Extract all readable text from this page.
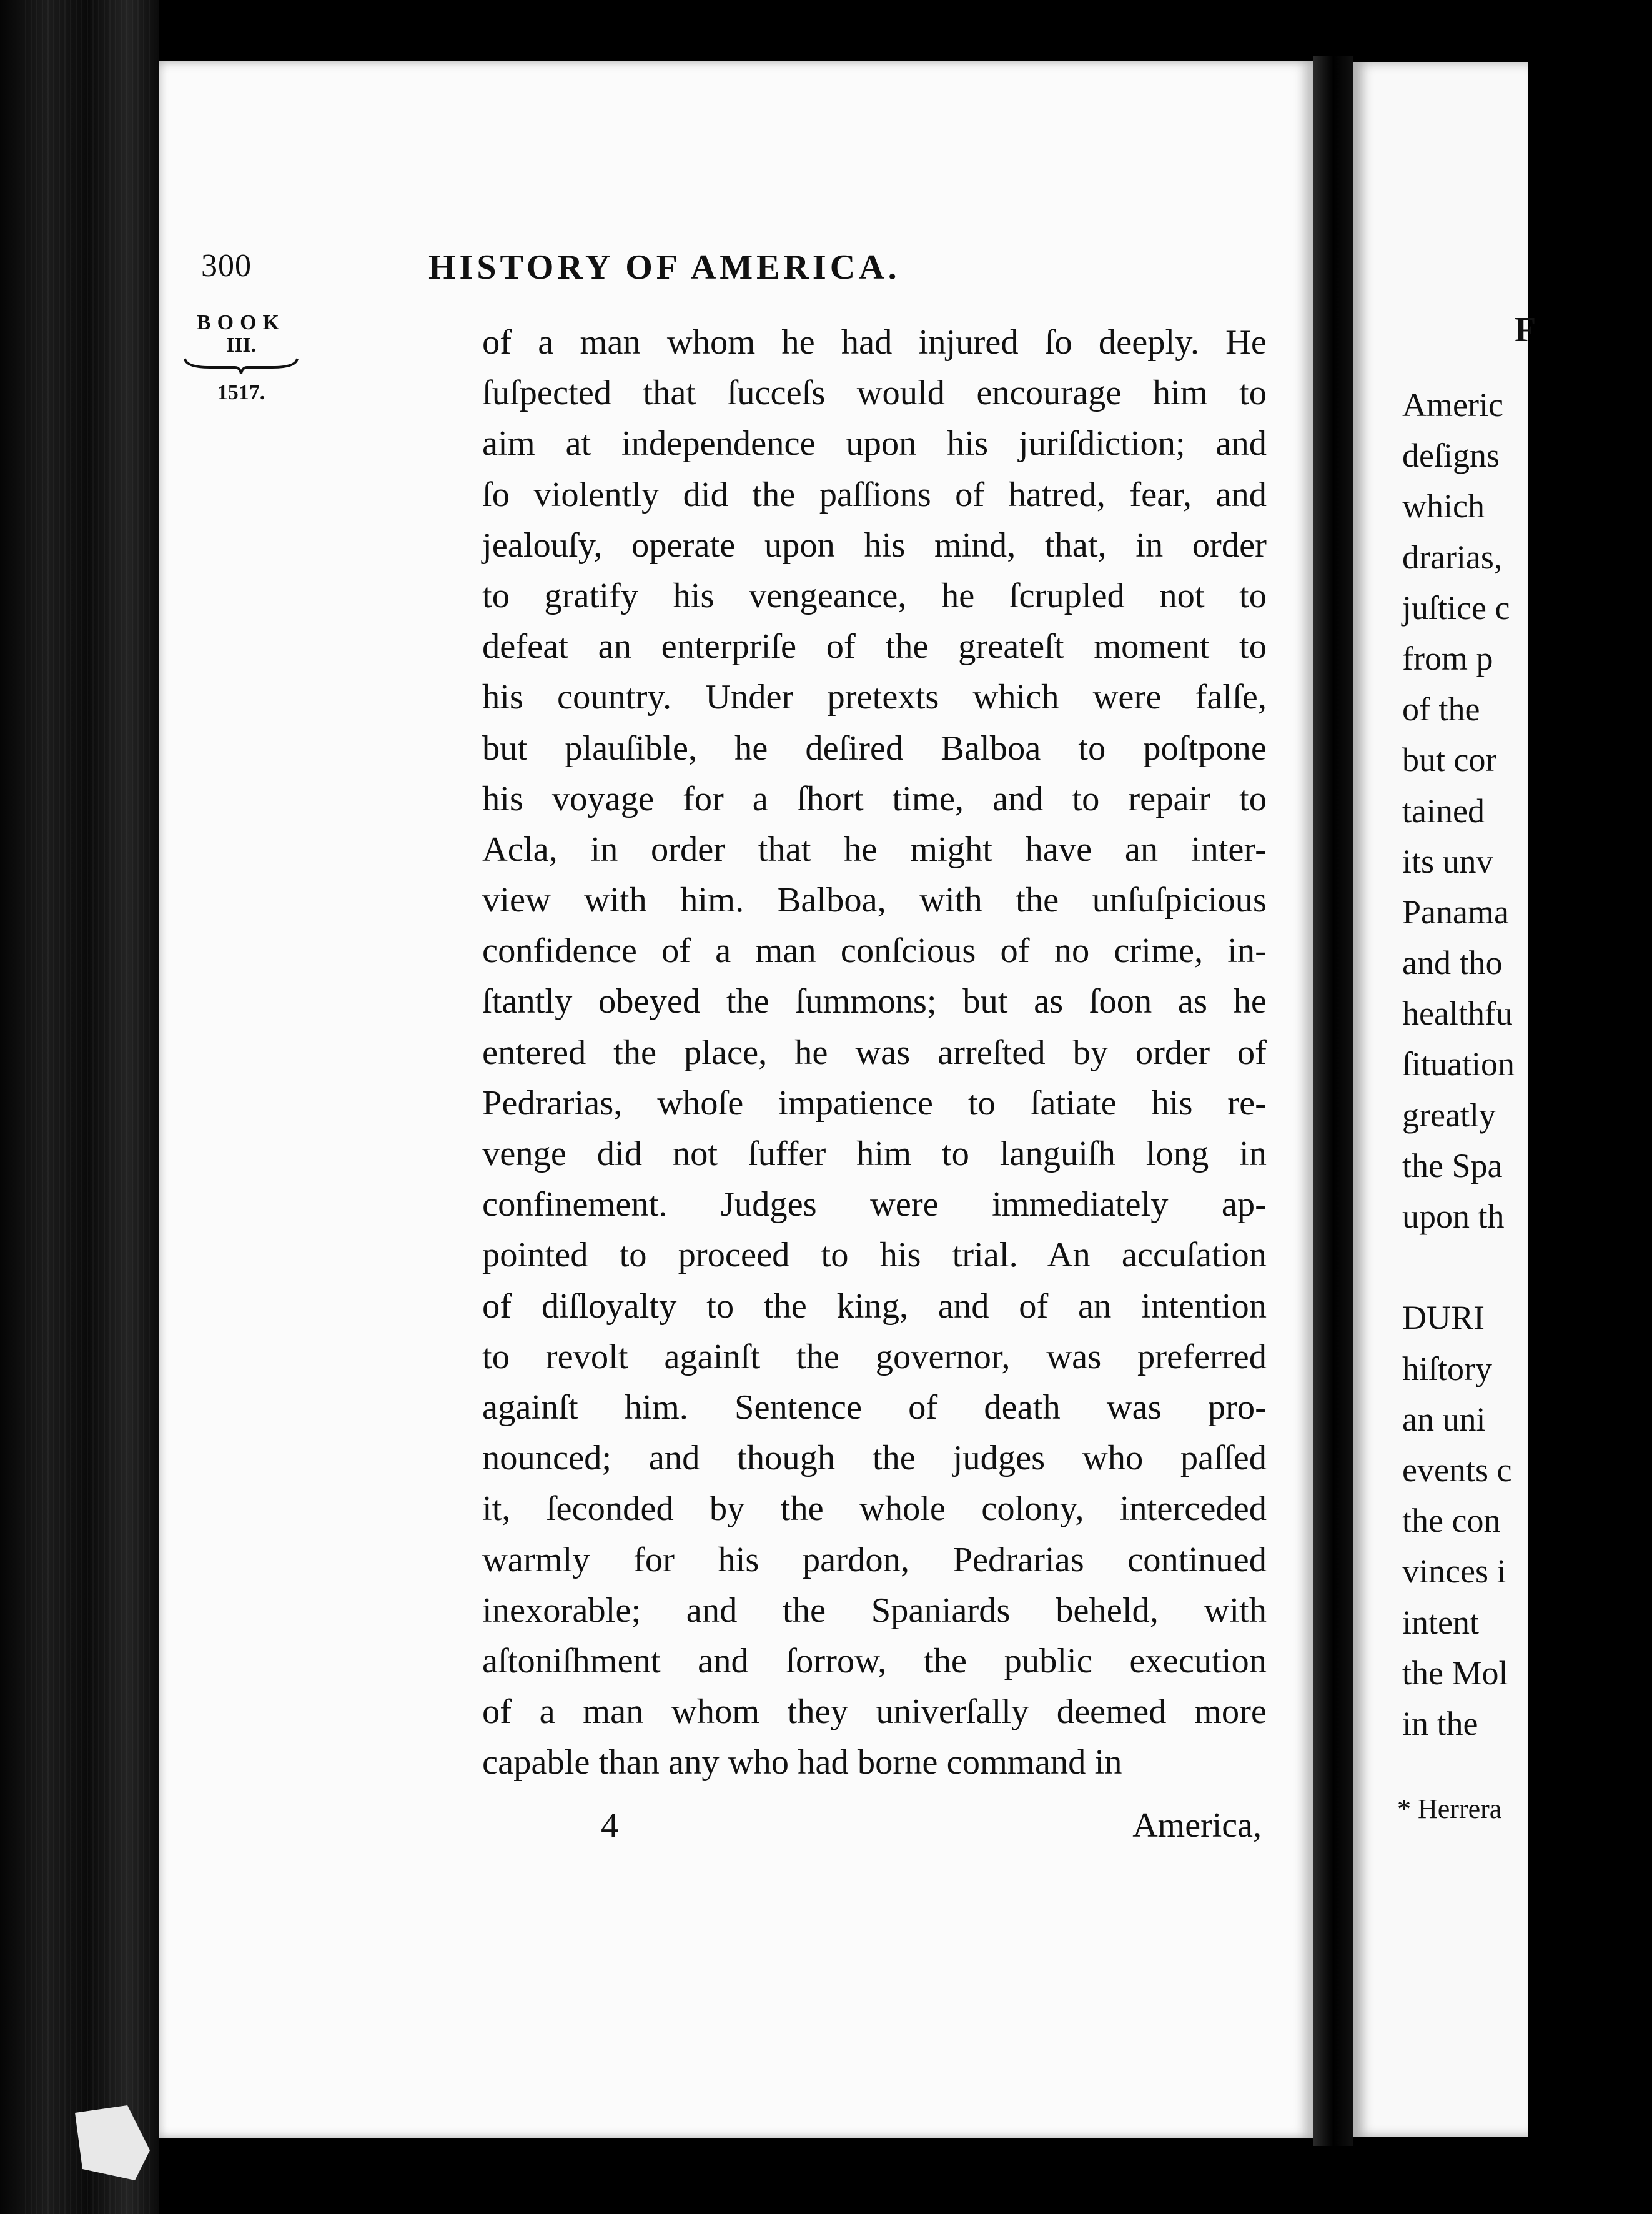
F
Americ
deſigns
which
drarias,
juſtice c
from p
of the
but cor
tained
its unv
Panama
and tho
healthfu
ſituation
greatly
the Spa
upon th
DURI
hiſtory
an uni
events c
the con
vinces i
intent
the Mol
in the
* Herrera
300	HISTORY OF AMERICA.
BOOK
III.
1517.
of a man whom he had injured ſo deeply. He
ſuſpected that ſucceſs would encourage him to
aim at independence upon his juriſdiction; and
ſo violently did the paſſions of hatred, fear, and
jealouſy, operate upon his mind, that, in order
to gratify his vengeance, he ſcrupled not to
defeat an enterpriſe of the greateſt moment to
his country. Under pretexts which were falſe,
but plauſible, he deſired Balboa to poſtpone
his voyage for a ſhort time, and to repair to
Acla, in order that he might have an inter-
view with him. Balboa, with the unſuſpicious
confidence of a man conſcious of no crime, in-
ſtantly obeyed the ſummons; but as ſoon as he
entered the place, he was arreſted by order of
Pedrarias, whoſe impatience to ſatiate his re-
venge did not ſuffer him to languiſh long in
confinement. Judges were immediately ap-
pointed to proceed to his trial. An accuſation
of diſloyalty to the king, and of an intention
to revolt againſt the governor, was preferred
againſt him. Sentence of death was pro-
nounced; and though the judges who paſſed
it, ſeconded by the whole colony, interceded
warmly for his pardon, Pedrarias continued
inexorable; and the Spaniards beheld, with
aſtoniſhment and ſorrow, the public execution
of a man whom they univerſally deemed more
capable than any who had borne command in
4	America,
